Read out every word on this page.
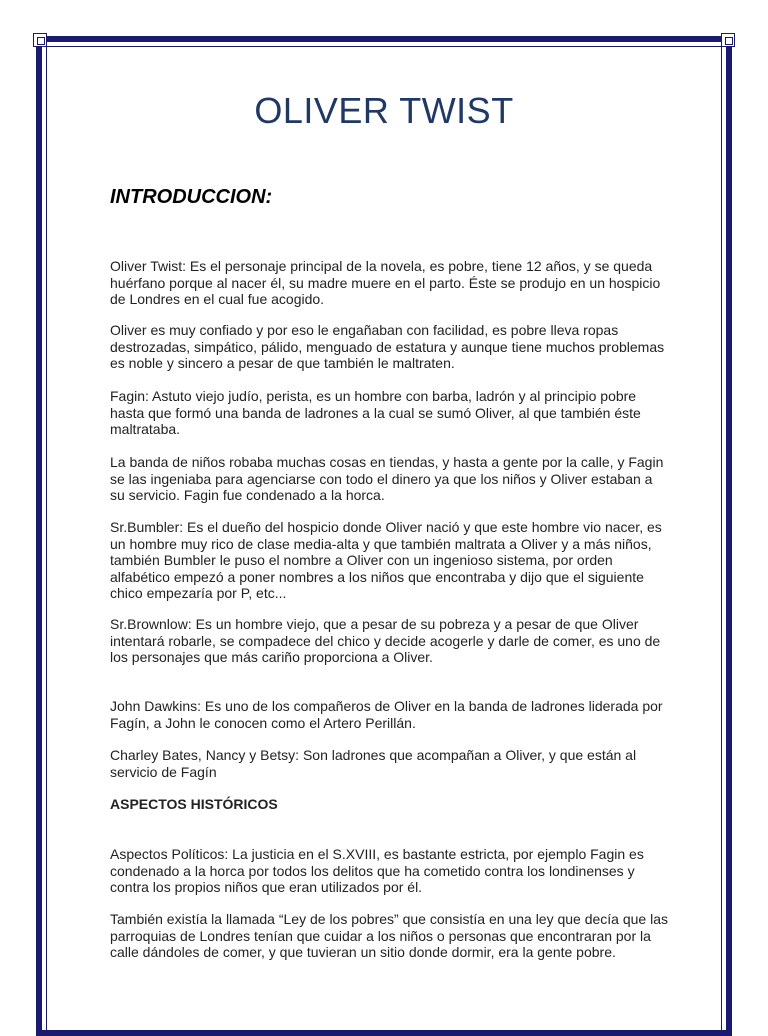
OLIVER TWIST
INTRODUCCION:
Oliver Twist: Es el personaje principal de la novela, es pobre, tiene 12 años, y se queda huérfano porque al nacer él, su madre muere en el parto. Éste se produjo en un hospicio de Londres en el cual fue acogido.
Oliver es muy confiado y por eso le engañaban con facilidad, es pobre lleva ropas destrozadas, simpático, pálido, menguado de estatura y aunque tiene muchos problemas es noble y sincero a pesar de que también le maltraten.
Fagin: Astuto viejo judío, perista, es un hombre con barba, ladrón y al principio pobre hasta que formó una banda de ladrones a la cual se sumó Oliver, al que también éste maltrataba.
La banda de niños robaba muchas cosas en tiendas, y hasta a gente por la calle, y Fagin se las ingeniaba para agenciarse con todo el dinero ya que los niños y Oliver estaban a su servicio. Fagin fue condenado a la horca.
Sr.Bumbler: Es el dueño del hospicio donde Oliver nació y que este hombre vio nacer, es un hombre muy rico de clase media-alta y que también maltrata a Oliver y a más niños, también Bumbler le puso el nombre a Oliver con un ingenioso sistema, por orden alfabético empezó a poner nombres a los niños que encontraba y dijo que el siguiente chico empezaría por P, etc...
Sr.Brownlow: Es un hombre viejo, que a pesar de su pobreza y a pesar de que Oliver intentará robarle, se compadece del chico y decide acogerle y darle de comer, es uno de los personajes que más cariño proporciona a Oliver.
John Dawkins: Es uno de los compañeros de Oliver en la banda de ladrones liderada por Fagín, a John le conocen como el Artero Perillán.
Charley Bates, Nancy y Betsy: Son ladrones que acompañan a Oliver, y que están al servicio de Fagín
ASPECTOS HISTÓRICOS
Aspectos Políticos: La justicia en el S.XVIII, es bastante estricta, por ejemplo Fagin es condenado a la horca por todos los delitos que ha cometido contra los londinenses y contra los propios niños que eran utilizados por él.
También existía la llamada “Ley de los pobres” que consistía en una ley que decía que las parroquias de Londres tenían que cuidar a los niños o personas que encontraran por la calle dándoles de comer, y que tuvieran un sitio donde dormir, era la gente pobre.
